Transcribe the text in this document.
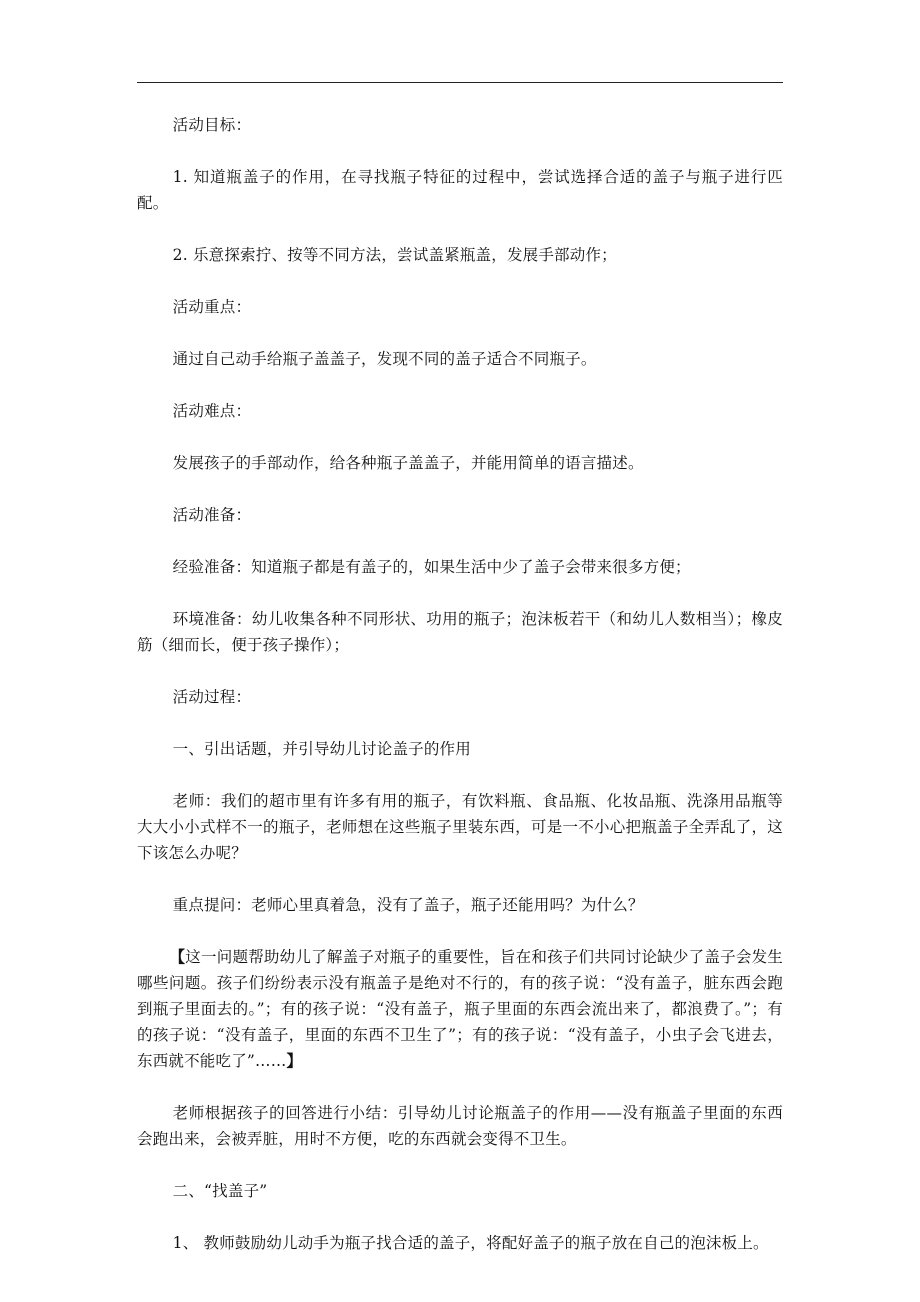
活动目标：

1. 知道瓶盖子的作用，在寻找瓶子特征的过程中，尝试选择合适的盖子与瓶子进行匹配。

2. 乐意探索拧、按等不同方法，尝试盖紧瓶盖，发展手部动作；

活动重点：

通过自己动手给瓶子盖盖子，发现不同的盖子适合不同瓶子。

活动难点：

发展孩子的手部动作，给各种瓶子盖盖子，并能用简单的语言描述。

活动准备：

经验准备：知道瓶子都是有盖子的，如果生活中少了盖子会带来很多方便；

环境准备：幼儿收集各种不同形状、功用的瓶子；泡沫板若干（和幼儿人数相当）；橡皮筋（细而长，便于孩子操作）；

活动过程：

一、引出话题，并引导幼儿讨论盖子的作用

老师：我们的超市里有许多有用的瓶子，有饮料瓶、食品瓶、化妆品瓶、洗涤用品瓶等大大小小式样不一的瓶子，老师想在这些瓶子里装东西，可是一不小心把瓶盖子全弄乱了，这下该怎么办呢？

重点提问：老师心里真着急，没有了盖子，瓶子还能用吗？为什么？

【这一问题帮助幼儿了解盖子对瓶子的重要性，旨在和孩子们共同讨论缺少了盖子会发生哪些问题。孩子们纷纷表示没有瓶盖子是绝对不行的，有的孩子说：“没有盖子，脏东西会跑到瓶子里面去的。”；有的孩子说：“没有盖子，瓶子里面的东西会流出来了，都浪费了。”；有的孩子说：“没有盖子，里面的东西不卫生了”；有的孩子说：“没有盖子，小虫子会飞进去，东西就不能吃了”……】

老师根据孩子的回答进行小结：引导幼儿讨论瓶盖子的作用——没有瓶盖子里面的东西会跑出来，会被弄脏，用时不方便，吃的东西就会变得不卫生。

二、“找盖子”

1、 教师鼓励幼儿动手为瓶子找合适的盖子，将配好盖子的瓶子放在自己的泡沫板上。
